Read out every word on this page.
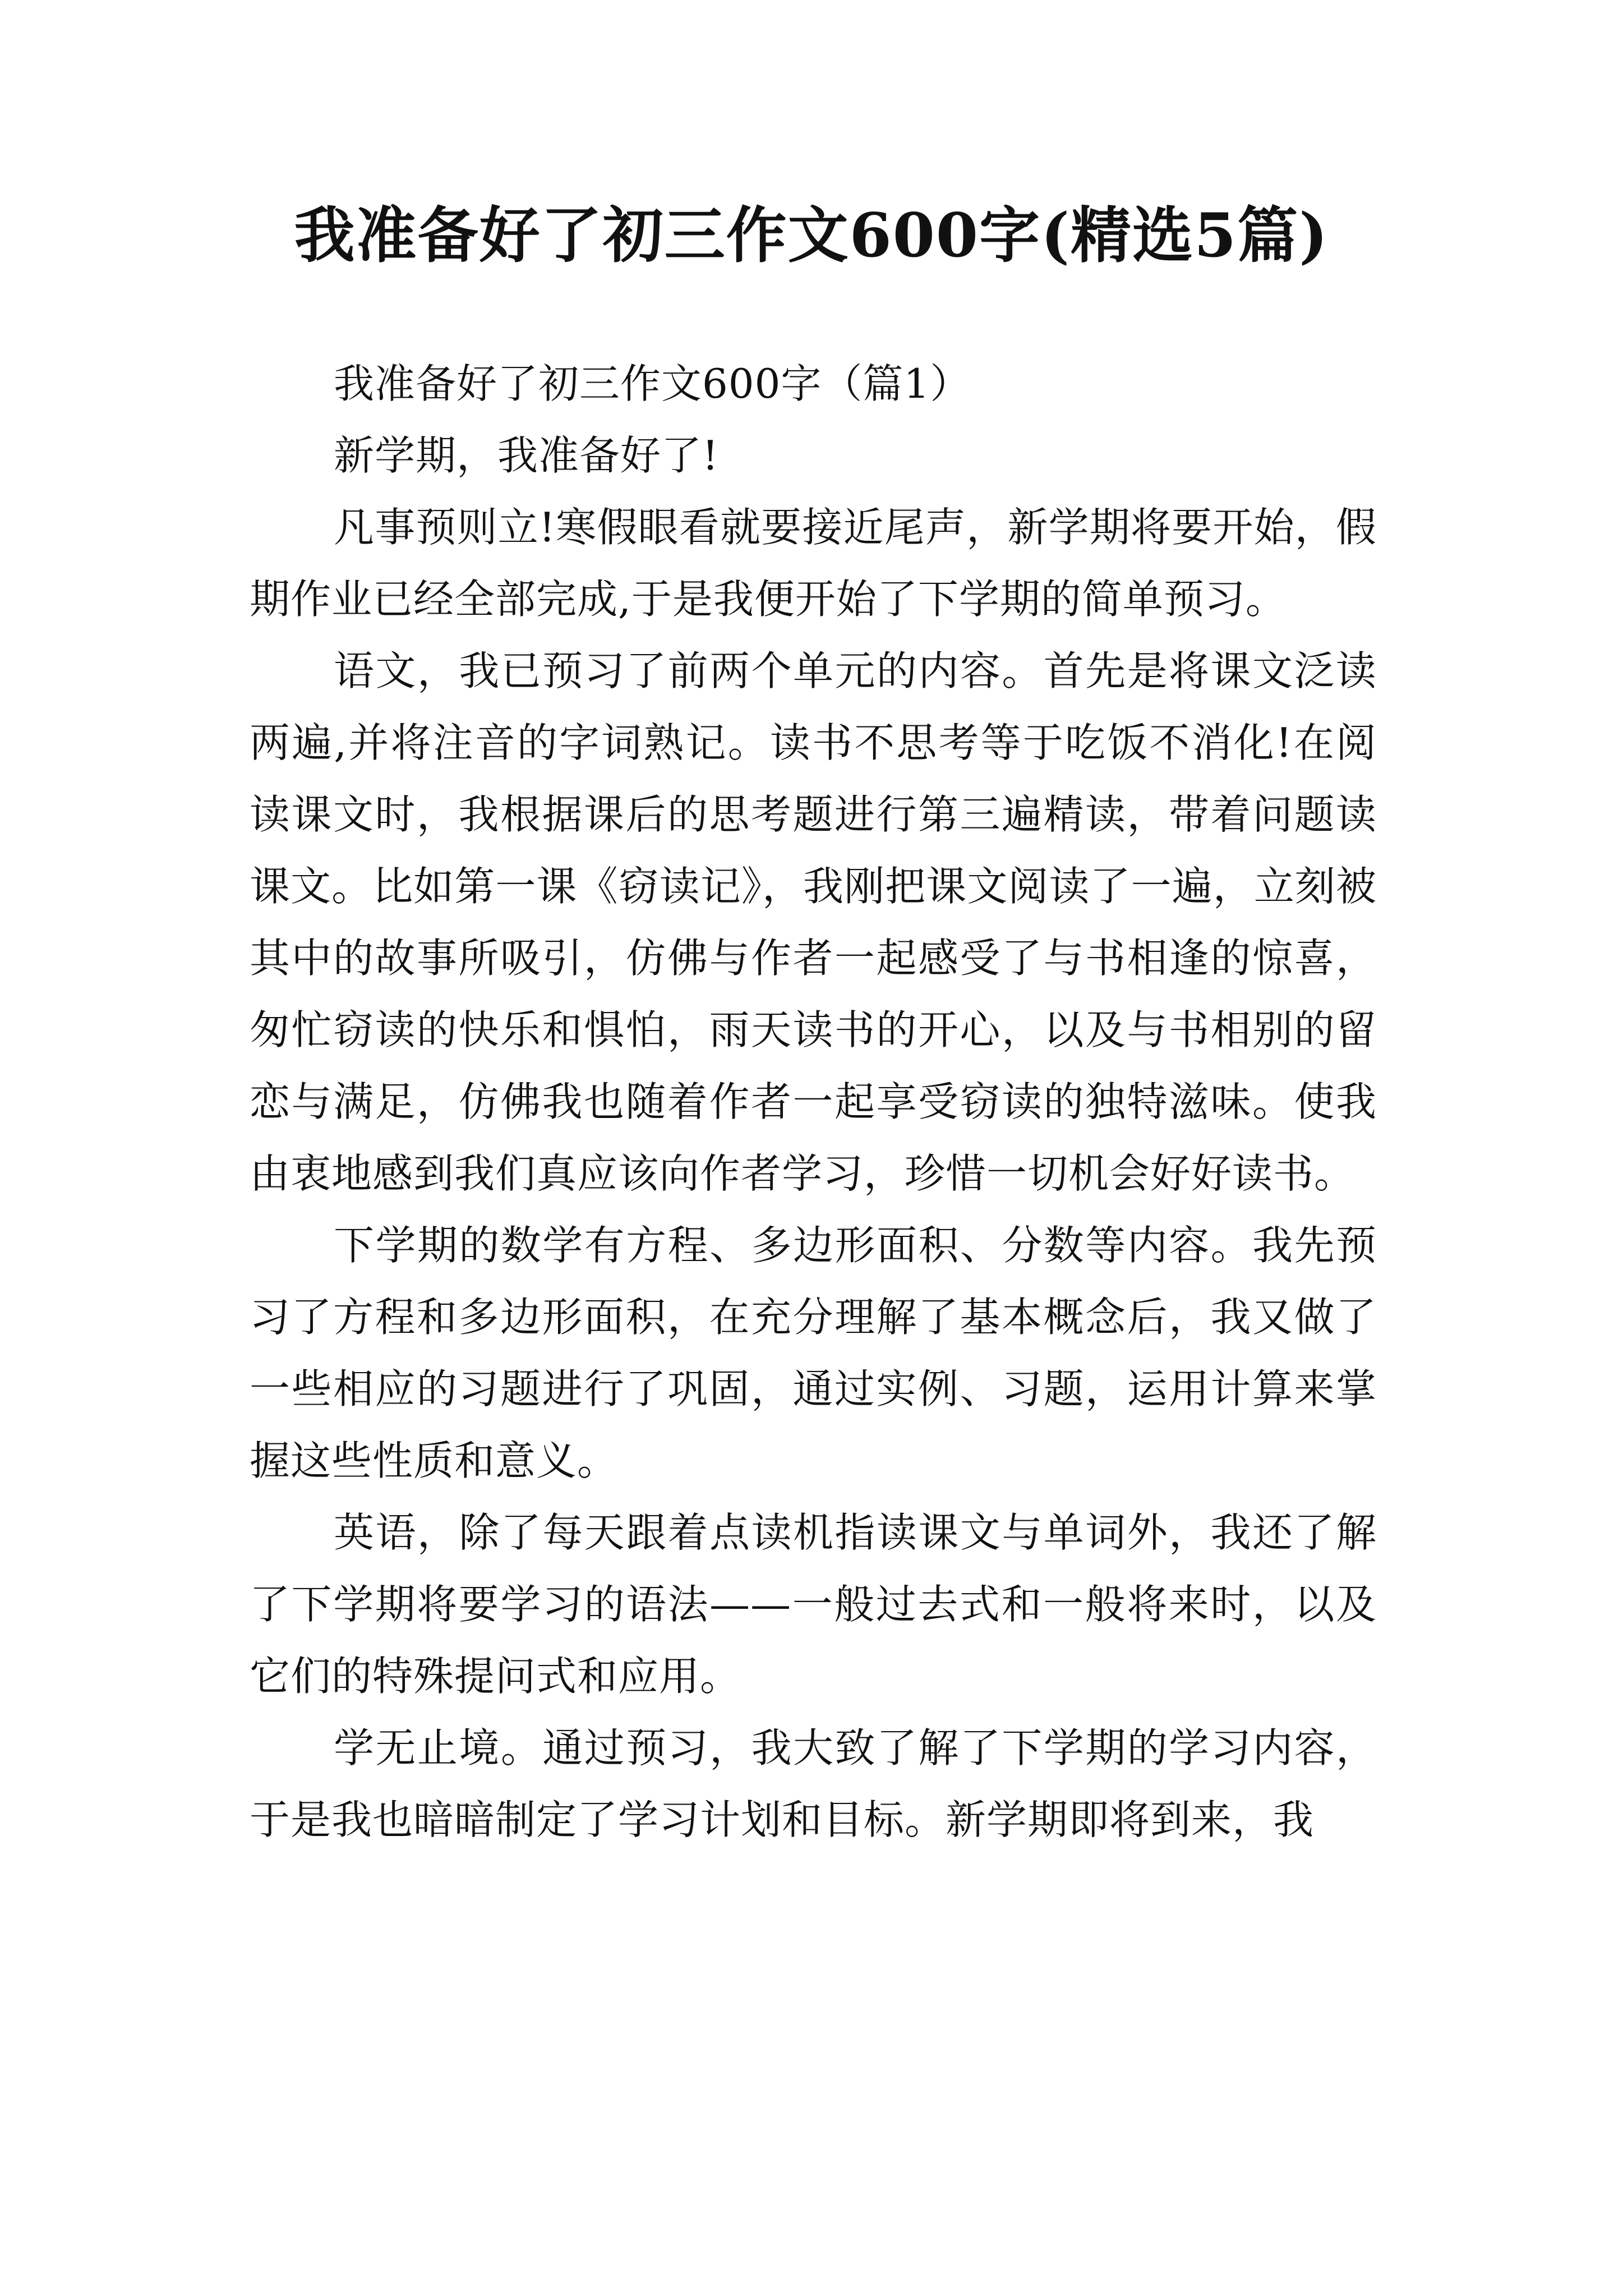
我准备好了初三作文600字(精选5篇)

我准备好了初三作文600字（篇1）

新学期，我准备好了!

凡事预则立!寒假眼看就要接近尾声，新学期将要开始，假期作业已经全部完成,于是我便开始了下学期的简单预习。

语文，我已预习了前两个单元的内容。首先是将课文泛读两遍,并将注音的字词熟记。读书不思考等于吃饭不消化!在阅读课文时，我根据课后的思考题进行第三遍精读，带着问题读课文。比如第一课《窃读记》，我刚把课文阅读了一遍，立刻被其中的故事所吸引，仿佛与作者一起感受了与书相逢的惊喜，匆忙窃读的快乐和惧怕，雨天读书的开心，以及与书相别的留恋与满足，仿佛我也随着作者一起享受窃读的独特滋味。使我由衷地感到我们真应该向作者学习，珍惜一切机会好好读书。

下学期的数学有方程、多边形面积、分数等内容。我先预习了方程和多边形面积，在充分理解了基本概念后，我又做了一些相应的习题进行了巩固，通过实例、习题，运用计算来掌握这些性质和意义。

英语，除了每天跟着点读机指读课文与单词外，我还了解了下学期将要学习的语法——一般过去式和一般将来时，以及它们的特殊提问式和应用。

学无止境。通过预习，我大致了解了下学期的学习内容，于是我也暗暗制定了学习计划和目标。新学期即将到来，我
